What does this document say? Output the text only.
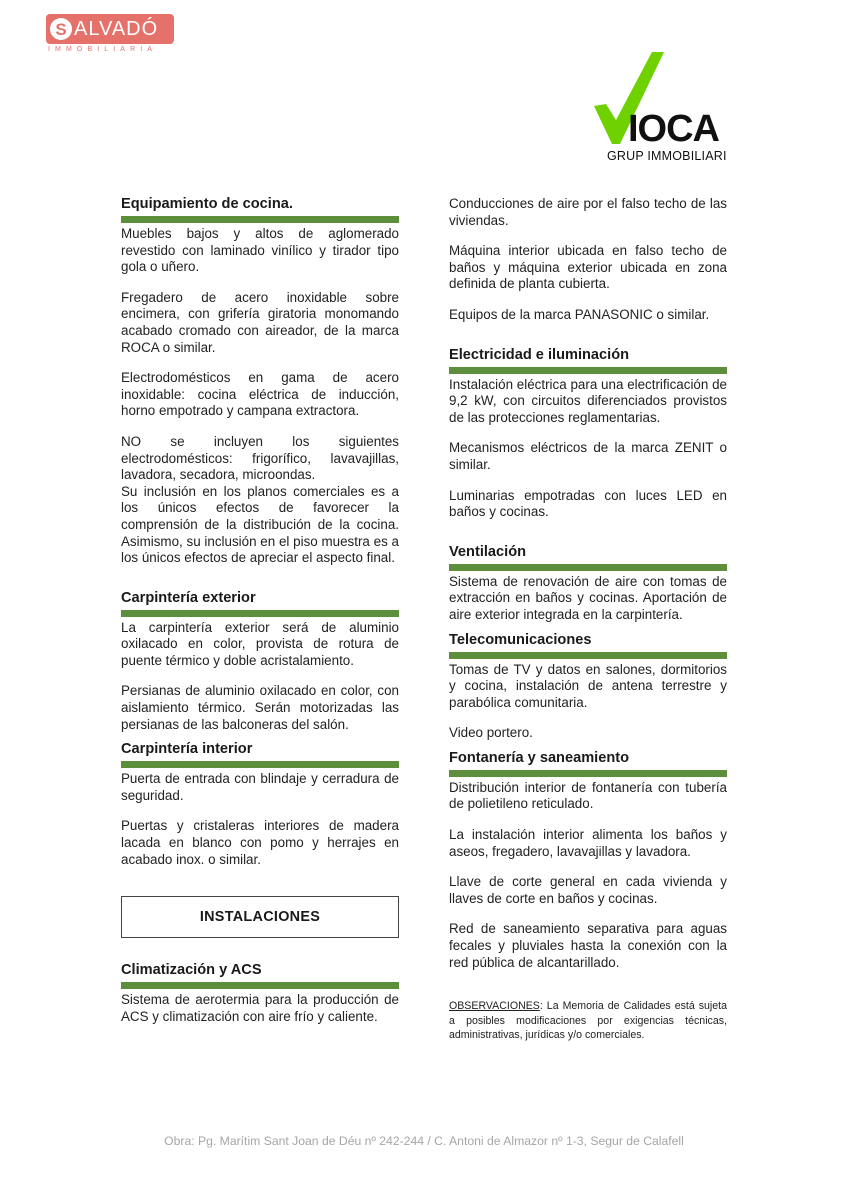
S ALVADÓ
IMMOBILIARIA
IOCA
GRUP IMMOBILIARI
Equipamiento de cocina.

Muebles bajos y altos de aglomerado revestido con laminado vinílico y tirador tipo gola o uñero.

Fregadero de acero inoxidable sobre encimera, con grifería giratoria monomando acabado cromado con aireador, de la marca ROCA o similar.

Electrodomésticos en gama de acero inoxidable: cocina eléctrica de inducción, horno empotrado y campana extractora.

NO se incluyen los siguientes electrodomésticos: frigorífico, lavavajillas, lavadora, secadora, microondas.

Su inclusión en los planos comerciales es a los únicos efectos de favorecer la comprensión de la distribución de la cocina. Asimismo, su inclusión en el piso muestra es a los únicos efectos de apreciar el aspecto final.

Carpintería exterior

La carpintería exterior será de aluminio oxilacado en color, provista de rotura de puente térmico y doble acristalamiento.

Persianas de aluminio oxilacado en color, con aislamiento térmico. Serán motorizadas las persianas de las balconeras del salón.

Carpintería interior

Puerta de entrada con blindaje y cerradura de seguridad.

Puertas y cristaleras interiores de madera lacada en blanco con pomo y herrajes en acabado inox. o similar.

INSTALACIONES
Climatización y ACS

Sistema de aerotermia para la producción de ACS y climatización con aire frío y caliente.

Conducciones de aire por el falso techo de las viviendas.

Máquina interior ubicada en falso techo de baños y máquina exterior ubicada en zona definida de planta cubierta.

Equipos de la marca PANASONIC o similar.

Electricidad e iluminación

Instalación eléctrica para una electrificación de 9,2 kW, con circuitos diferenciados provistos de las protecciones reglamentarias.

Mecanismos eléctricos de la marca ZENIT o similar.

Luminarias empotradas con luces LED en baños y cocinas.

Ventilación

Sistema de renovación de aire con tomas de extracción en baños y cocinas. Aportación de aire exterior integrada en la carpintería.

Telecomunicaciones

Tomas de TV y datos en salones, dormitorios y cocina, instalación de antena terrestre y parabólica comunitaria.

Video portero.

Fontanería y saneamiento

Distribución interior de fontanería con tubería de polietileno reticulado.

La instalación interior alimenta los baños y aseos, fregadero, lavavajillas y lavadora.

Llave de corte general en cada vivienda y llaves de corte en baños y cocinas.

Red de saneamiento separativa para aguas fecales y pluviales hasta la conexión con la red pública de alcantarillado.

OBSERVACIONES: La Memoria de Calidades está sujeta a posibles modificaciones por exigencias técnicas, administrativas, jurídicas y/o comerciales.

Obra: Pg. Marítim Sant Joan de Déu nº 242-244 / C. Antoni de Almazor nº 1-3, Segur de Calafell
